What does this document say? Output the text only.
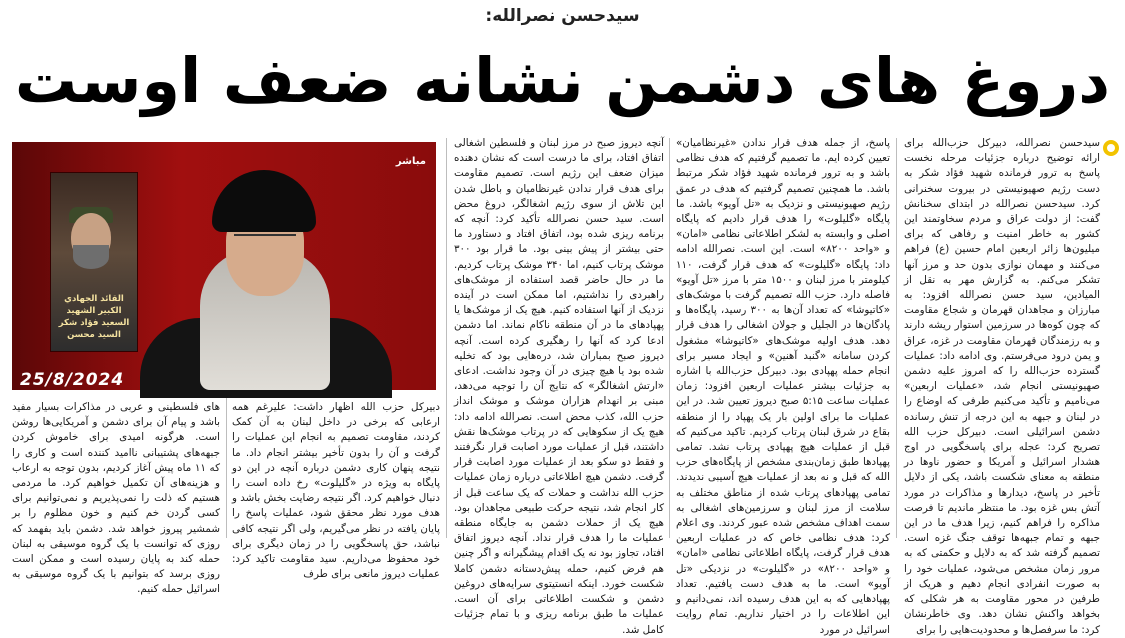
سیدحسن نصرالله:
دروغ های دشمن نشانه ضعف اوست

سیدحسن نصرالله، دبیرکل حزب‌الله برای ارائه توضیح درباره جزئیات مرحله نخست پاسخ به ترور فرمانده شهید فؤاد شکر به دست رژیم صهیونیستی در بیروت سخنرانی کرد. سیدحسن نصرالله در ابتدای سخنانش گفت: از دولت عراق و مردم سخاوتمند این کشور به خاطر امنیت و رفاهی که برای میلیون‌ها زائر اربعین امام حسین (ع) فراهم می‌کنند و مهمان نوازی بدون حد و مرز آنها تشکر می‌کنم. به گزارش مهر به نقل از المیادین، سید حسن نصرالله افزود: به مبارزان و مجاهدان قهرمان و شجاع مقاومت که چون کوه‌ها در سرزمین استوار ریشه دارند و به رزمندگان قهرمان مقاومت در غزه، عراق و یمن درود می‌فرستم. وی ادامه داد: عملیات گسترده حزب‌الله را که امروز علیه دشمن صهیونیستی انجام شد، «عملیات اربعین» می‌نامیم و تأکید می‌کنیم طرفی که اوضاع را در لبنان و جبهه به این درجه از تنش رسانده دشمن اسرائیلی است. دبیرکل حزب الله تصریح کرد: عجله برای پاسخگویی در اوج هشدار اسرائیل و آمریکا و حضور ناوها در منطقه به معنای شکست باشد، یکی از دلایل تأخیر در پاسخ، دیدارها و مذاکرات در مورد آتش بس غزه بود. ما منتظر ماندیم تا فرصت مذاکره را فراهم کنیم، زیرا هدف ما در این جبهه و تمام جبهه‌ها توقف جنگ غزه است. تصمیم گرفته شد که به دلایل و حکمتی که به مرور زمان مشخص می‌شود، عملیات خود را به صورت انفرادی انجام دهیم و هریک از طرفین در محور مقاومت به هر شکلی که بخواهد واکنش نشان دهد. وی خاطرنشان کرد: ما سرفصل‌ها و محدودیت‌هایی را برای

پاسخ، از جمله هدف قرار ندادن «غیرنظامیان» تعیین کرده ایم. ما تصمیم گرفتیم که هدف نظامی باشد و به ترور فرمانده شهید فؤاد شکر مرتبط باشد. ما همچنین تصمیم گرفتیم که هدف در عمق رژیم صهیونیستی و نزدیک به «تل آویو» باشد. ما پایگاه «گلیلوت» را هدف قرار دادیم که پایگاه اصلی و وابسته به لشکر اطلاعاتی نظامی «امان» و «واحد ۸۲۰۰» است. این است. نصرالله ادامه داد: پایگاه «گلیلوت» که هدف قرار گرفت، ۱۱۰ کیلومتر با مرز لبنان و ۱۵۰۰ متر با مرز «تل آویو» فاصله دارد. حزب الله تصمیم گرفت با موشک‌های «کاتیوشا» که تعداد آن‌ها به ۳۰۰ رسید، پایگاه‌ها و پادگان‌ها در الجلیل و جولان اشغالی را هدف قرار دهد. هدف اولیه موشک‌های «کاتیوشا» مشغول کردن سامانه «گنبد آهنین» و ایجاد مسیر برای انجام حمله پهپادی بود. دبیرکل حزب‌الله با اشاره به جزئیات بیشتر عملیات اربعین افزود: زمان عملیات ساعت ۵:۱۵ صبح دیروز تعیین شد. در این عملیات ما برای اولین بار یک پهپاد را از منطقه بقاع در شرق لبنان پرتاب کردیم. تاکید می‌کنیم که قبل از عملیات هیچ پهپادی پرتاب نشد. تمامی پهپادها طبق زمان‌بندی مشخص از پایگاه‌های حزب الله که قبل و نه بعد از عملیات هیچ آسیبی ندیدند. تمامی پهپادهای پرتاب شده از مناطق مختلف به سلامت از مرز لبنان و سرزمین‌های اشغالی به سمت اهداف مشخص شده عبور کردند. وی اعلام کرد: هدف نظامی خاص که در عملیات اربعین هدف قرار گرفت، پایگاه اطلاعاتی نظامی «امان» و «واحد ۸۲۰۰» در «گلیلوت» در نزدیکی «تل آویو» است. ما به هدف دست یافتیم. تعداد پهپادهایی که به این هدف رسیده اند، نمی‌دانیم و این اطلاعات را در اختیار نداریم. تمام روایت اسرائیل در مورد

آنچه دیروز صبح در مرز لبنان و فلسطین اشغالی اتفاق افتاد، برای ما درست است که نشان دهنده میزان ضعف این رژیم است. تصمیم مقاومت برای هدف قرار ندادن غیرنظامیان و باطل شدن این تلاش از سوی رژیم اشغالگر، دروغ محض است. سید حسن نصرالله تأکید کرد: آنچه که برنامه ریزی شده بود، اتفاق افتاد و دستاورد ما حتی بیشتر از پیش بینی بود. ما قرار بود ۳۰۰ موشک پرتاب کنیم، اما ۳۴۰ موشک پرتاب کردیم. ما در حال حاضر قصد استفاده از موشک‌های راهبردی را نداشتیم، اما ممکن است در آینده نزدیک از آنها استفاده کنیم. هیچ یک از موشک‌ها یا پهپادهای ما در آن منطقه ناکام نماند. اما دشمن ادعا کرد که آنها را رهگیری کرده است. آنچه دیروز صبح بمباران شد، دره‌هایی بود که تخلیه شده بود یا هیچ چیزی در آن وجود نداشت. ادعای «ارتش اشغالگر» که نتایج آن را توجیه می‌دهد، مبنی بر انهدام هزاران موشک و موشک انداز حزب الله، کذب محض است. نصرالله ادامه داد: هیچ یک از سکوهایی که در پرتاب موشک‌ها نقش داشتند، قبل از عملیات مورد اصابت قرار نگرفتند و فقط دو سکو بعد از عملیات مورد اصابت قرار گرفت. دشمن هیچ اطلاعاتی درباره زمان عملیات حزب الله نداشت و حملات که یک ساعت قبل از کار انجام شد، نتیجه حرکت طبیعی مجاهدان بود. هیچ یک از حملات دشمن به جایگاه منطقه عملیات ما را هدف قرار نداد. آنچه دیروز اتفاق افتاد، تجاوز بود نه یک اقدام پیشگیرانه و اگر چنین هم فرض کنیم، حمله پیش‌دستانه دشمن کاملا شکست خورد. اینکه انستیتوی سرایه‌های دروغین دشمن و شکست اطلاعاتی برای آن است. عملیات ما طبق برنامه ریزی و با تمام جزئیات کامل شد.

دبیرکل حزب الله اظهار داشت: علیرغم همه ارعابی که برخی در داخل لبنان به آن کمک کردند، مقاومت تصمیم به انجام این عملیات را گرفت و آن را بدون تأخیر بیشتر انجام داد. ما نتیجه پنهان کاری دشمن درباره آنچه در این دو پایگاه به ویژه در «گلیلوت» رخ داده است را دنبال خواهیم کرد. اگر نتیجه رضایت بخش باشد و هدف مورد نظر محقق شود، عملیات پاسخ را پایان یافته در نظر می‌گیریم، ولی اگر نتیجه کافی نباشد، حق پاسخگویی را در زمان دیگری برای خود محفوظ می‌داریم. سید مقاومت تاکید کرد: عملیات دیروز مانعی برای طرف

های فلسطینی و عربی در مذاکرات بسیار مفید باشد و پیام آن برای دشمن و آمریکایی‌ها روشن است. هرگونه امیدی برای خاموش کردن جبهه‌های پشتیبانی ناامید کننده است و کاری را که ۱۱ ماه پیش آغاز کردیم، بدون توجه به ارعاب و هزینه‌های آن تکمیل خواهیم کرد. ما مردمی هستیم که ذلت را نمی‌پذیریم و نمی‌توانیم برای کسی گردن خم کنیم و خون مظلوم را بر شمشیر پیروز خواهد شد. دشمن باید بفهمد که روزی که توانست با یک گروه موسیقی به لبنان حمله کند به پایان رسیده است و ممکن است روزی برسد که بتوانیم با یک گروه موسیقی به اسرائیل حمله کنیم.

القائد الجهادي الكبير الشهيد السعيد فؤاد شكر السيد محسن
مباشر
25/8/2024
